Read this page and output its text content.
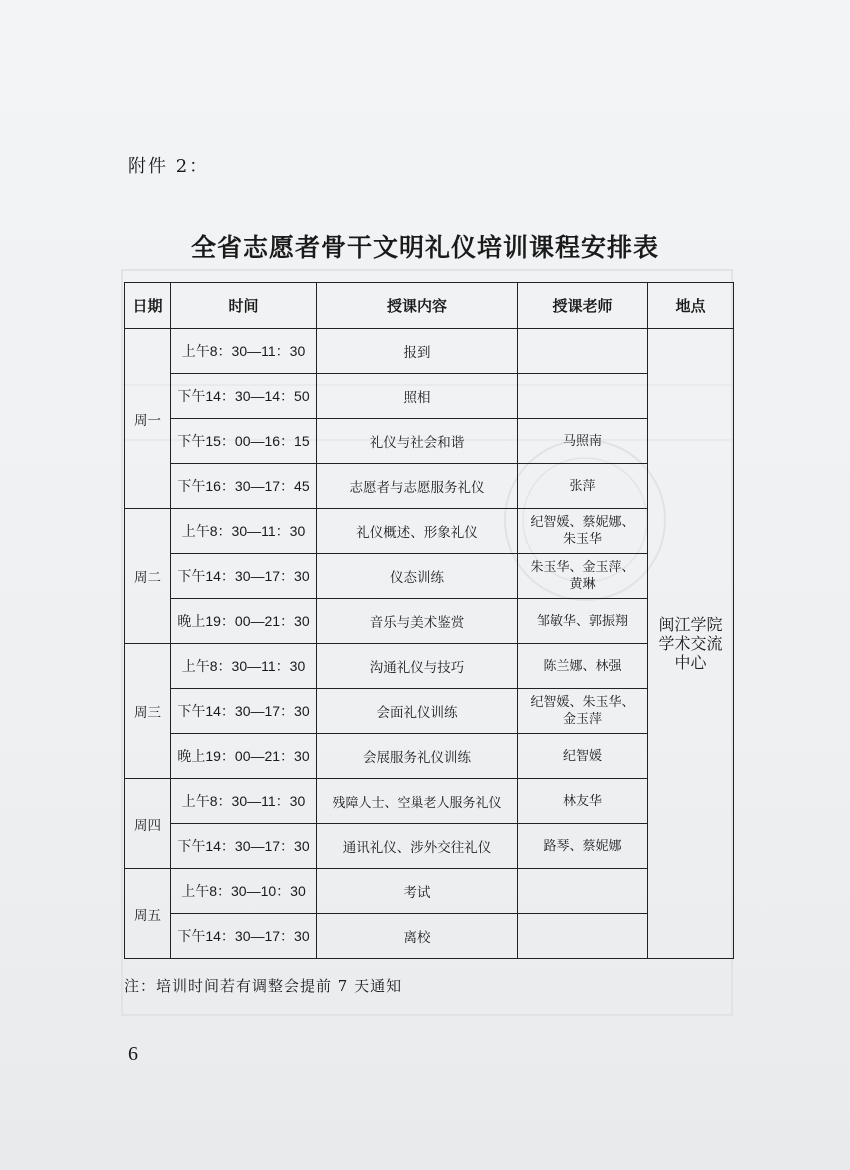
附件 2：
全省志愿者骨干文明礼仪培训课程安排表
日期	时间	授课内容	授课老师	地点
周一	上午8：30—11：30	报到		闽江学院
学术交流
中心

	下午14：30—14：50	照相		
	下午15：00—16：15	礼仪与社会和谐	马照南	
	下午16：30—17：45	志愿者与志愿服务礼仪	张萍	
周二	上午8：30—11：30	礼仪概述、形象礼仪	纪智媛、蔡妮娜、
朱玉华	

	下午14：30—17：30	仪态训练	朱玉华、金玉萍、
黄琳	

	晚上19：00—21：30	音乐与美术鉴赏	邹敏华、郭振翔	
周三	上午8：30—11：30	沟通礼仪与技巧	陈兰娜、林强	
	下午14：30—17：30	会面礼仪训练	纪智媛、朱玉华、
金玉萍	

	晚上19：00—21：30	会展服务礼仪训练	纪智媛	
周四	上午8：30—11：30	残障人士、空巢老人服务礼仪	林友华	
	下午14：30—17：30	通讯礼仪、涉外交往礼仪	路琴、蔡妮娜	
周五	上午8：30—10：30	考试		
	下午14：30—17：30	离校		
注：培训时间若有调整会提前 7 天通知
6
